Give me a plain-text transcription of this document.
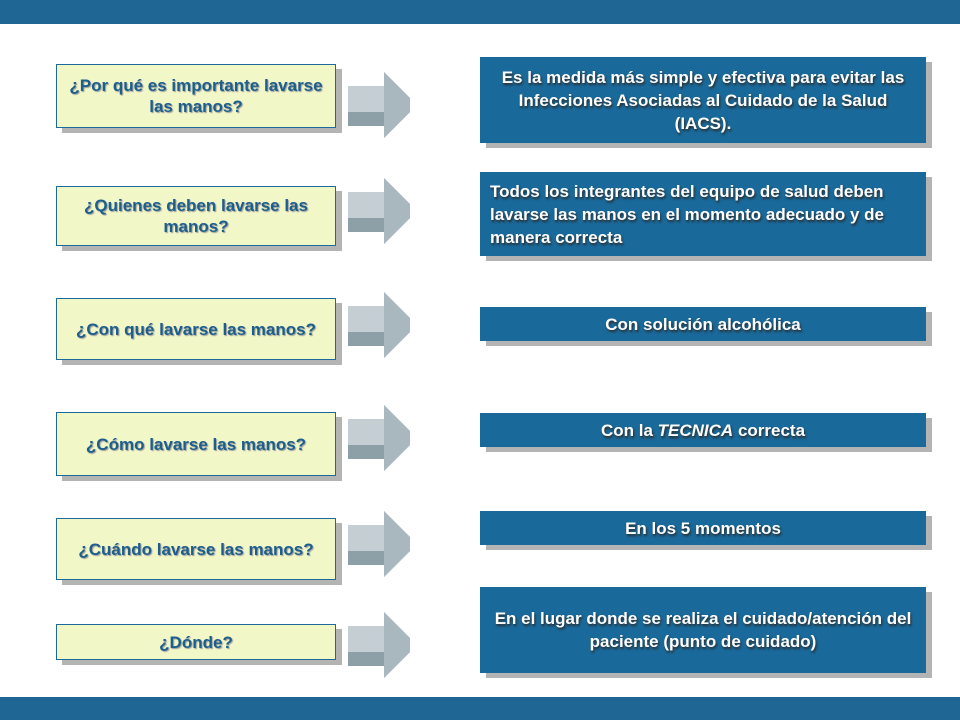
¿Por qué es importante lavarse las manos?
Es la medida más simple y efectiva para evitar las Infecciones Asociadas al Cuidado de la Salud (IACS).
¿Quienes deben lavarse las manos?
Todos los integrantes del equipo de salud deben lavarse las manos en el momento adecuado y de manera correcta
¿Con qué lavarse las manos?	Con solución alcohólica
¿Cómo lavarse las manos?
Con la
TECNICA
correcta
¿Cuándo lavarse las manos?
En los 5 momentos
¿Dónde?
En el lugar donde se realiza el cuidado/atención del paciente (punto de cuidado)
